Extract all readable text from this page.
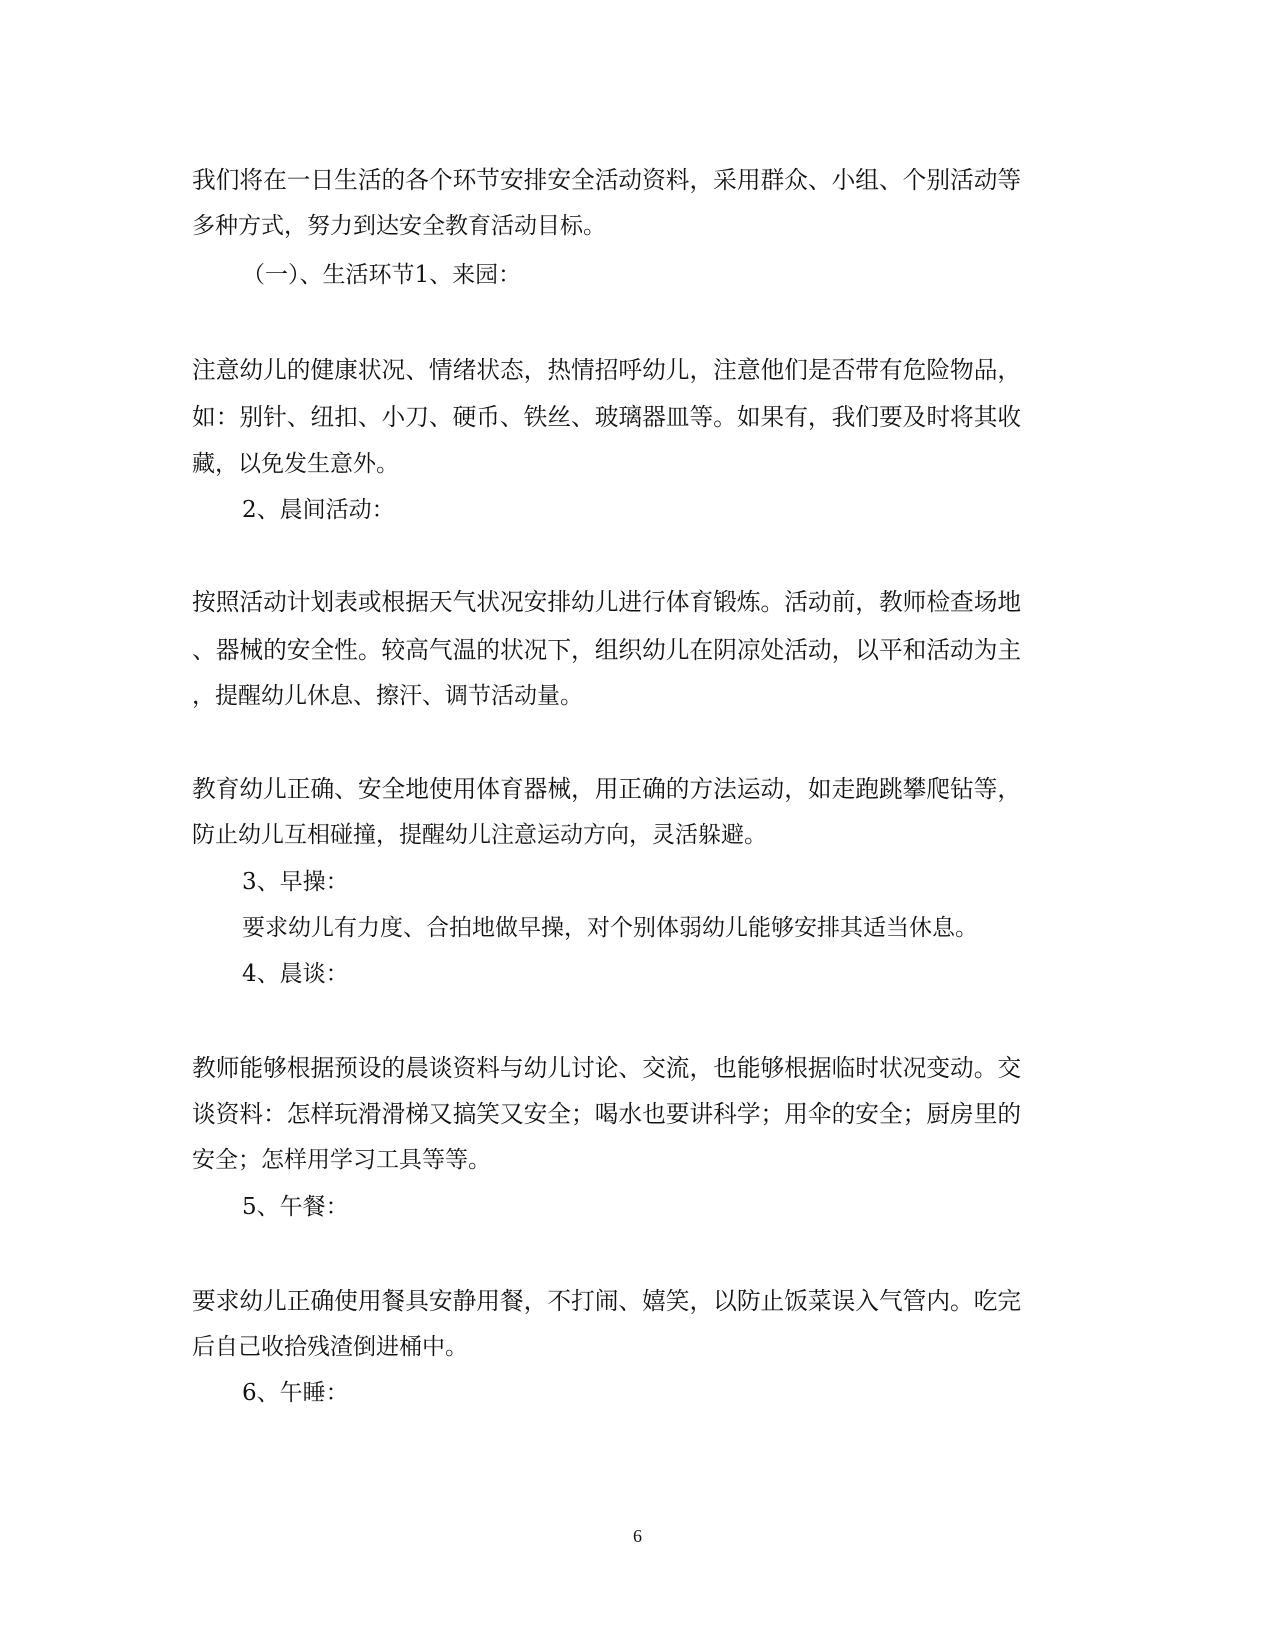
我们将在一日生活的各个环节安排安全活动资料，采用群众、小组、个别活动等
多种方式，努力到达安全教育活动目标。
（一）、生活环节1、来园：
注意幼儿的健康状况、情绪状态，热情招呼幼儿，注意他们是否带有危险物品，
如：别针、纽扣、小刀、硬币、铁丝、玻璃器皿等。如果有，我们要及时将其收
藏，以免发生意外。
2、晨间活动：
按照活动计划表或根据天气状况安排幼儿进行体育锻炼。活动前，教师检查场地
、器械的安全性。较高气温的状况下，组织幼儿在阴凉处活动，以平和活动为主
，提醒幼儿休息、擦汗、调节活动量。
教育幼儿正确、安全地使用体育器械，用正确的方法运动，如走跑跳攀爬钻等，
防止幼儿互相碰撞，提醒幼儿注意运动方向，灵活躲避。
3、早操：
要求幼儿有力度、合拍地做早操，对个别体弱幼儿能够安排其适当休息。
4、晨谈：
教师能够根据预设的晨谈资料与幼儿讨论、交流，也能够根据临时状况变动。交
谈资料：怎样玩滑滑梯又搞笑又安全；喝水也要讲科学；用伞的安全；厨房里的
安全；怎样用学习工具等等。
5、午餐：
要求幼儿正确使用餐具安静用餐，不打闹、嬉笑，以防止饭菜误入气管内。吃完
后自己收拾残渣倒进桶中。
6、午睡：
6
